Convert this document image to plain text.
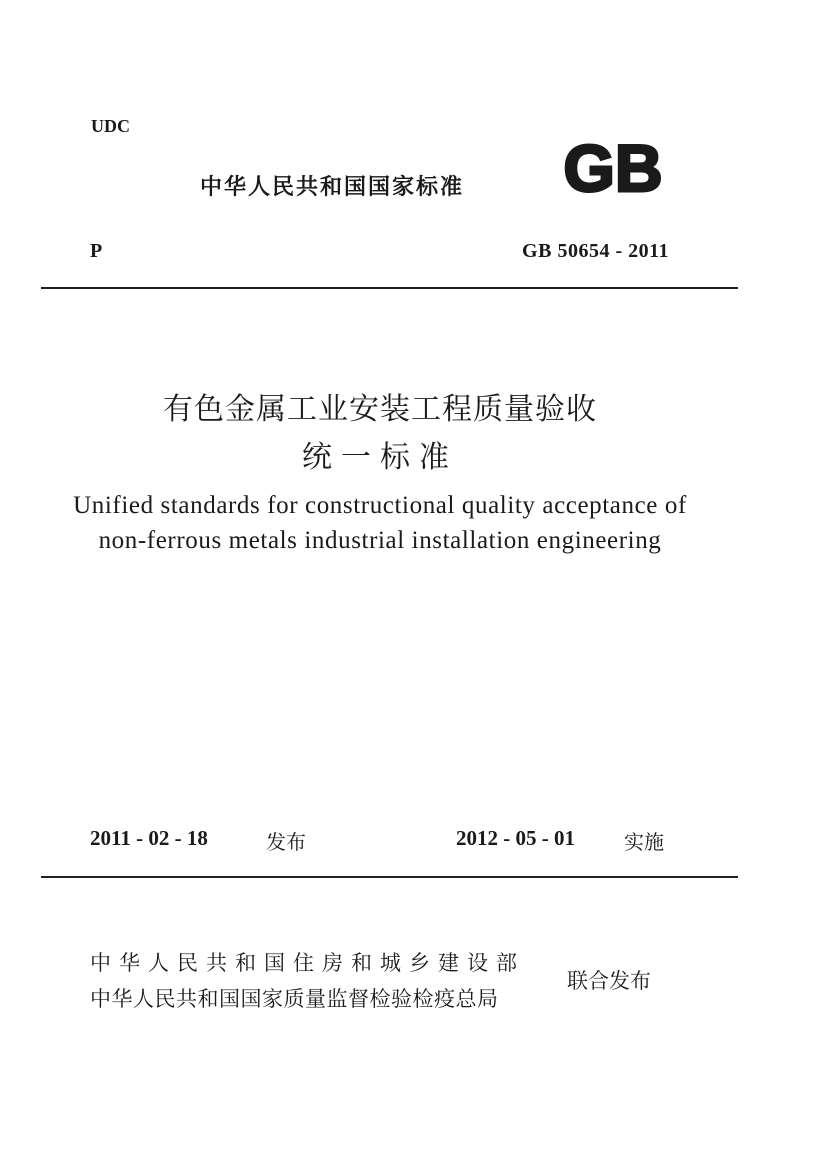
UDC
中华人民共和国国家标准 GB
P	GB 50654 - 2011
有色金属工业安装工程质量验收
统一标准
Unified standards for constructional quality acceptance of
non-ferrous metals industrial installation engineering
2011 - 02 - 18	发布	2012 - 05 - 01 实施
中华人民共和国住房和城乡建设部
中华人民共和国国家质量监督检验检疫总局
联合发布
